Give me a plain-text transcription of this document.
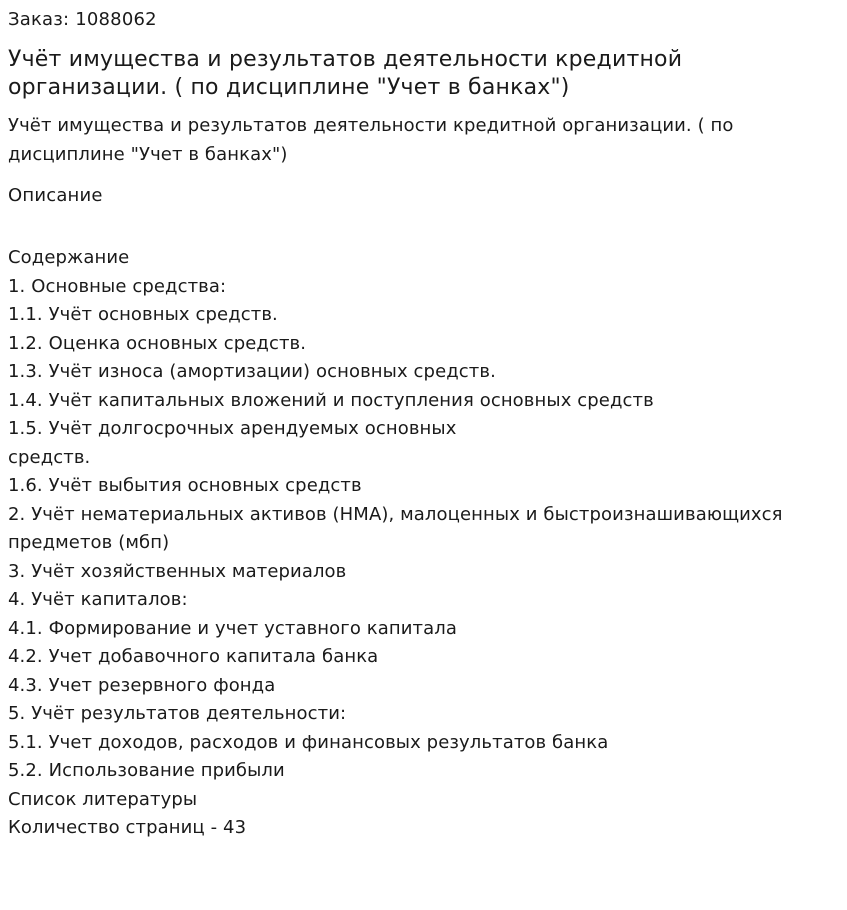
Заказ: 1088062
Учёт имущества и результатов деятельности кредитной организации. ( по дисциплине "Учет в банках")
Учёт имущества и результатов деятельности кредитной организации. ( по дисциплине "Учет в банках")
Описание
Содержание
1. Основные средства:
1.1. Учёт основных средств.
1.2. Оценка основных средств.
1.3. Учёт износа (амортизации) основных средств.
1.4. Учёт капитальных вложений и поступления основных средств
1.5. Учёт долгосрочных арендуемых основных
средств.
1.6. Учёт выбытия основных средств
2. Учёт нематериальных активов (НМА), малоценных и быстроизнашивающихся предметов (мбп)
3. Учёт хозяйственных материалов
4. Учёт капиталов:
4.1. Формирование и учет уставного капитала
4.2. Учет добавочного капитала банка
4.3. Учет резервного фонда
5. Учёт результатов деятельности:
5.1. Учет доходов, расходов и финансовых результатов банка
5.2. Использование прибыли
Список литературы
Количество страниц - 43
